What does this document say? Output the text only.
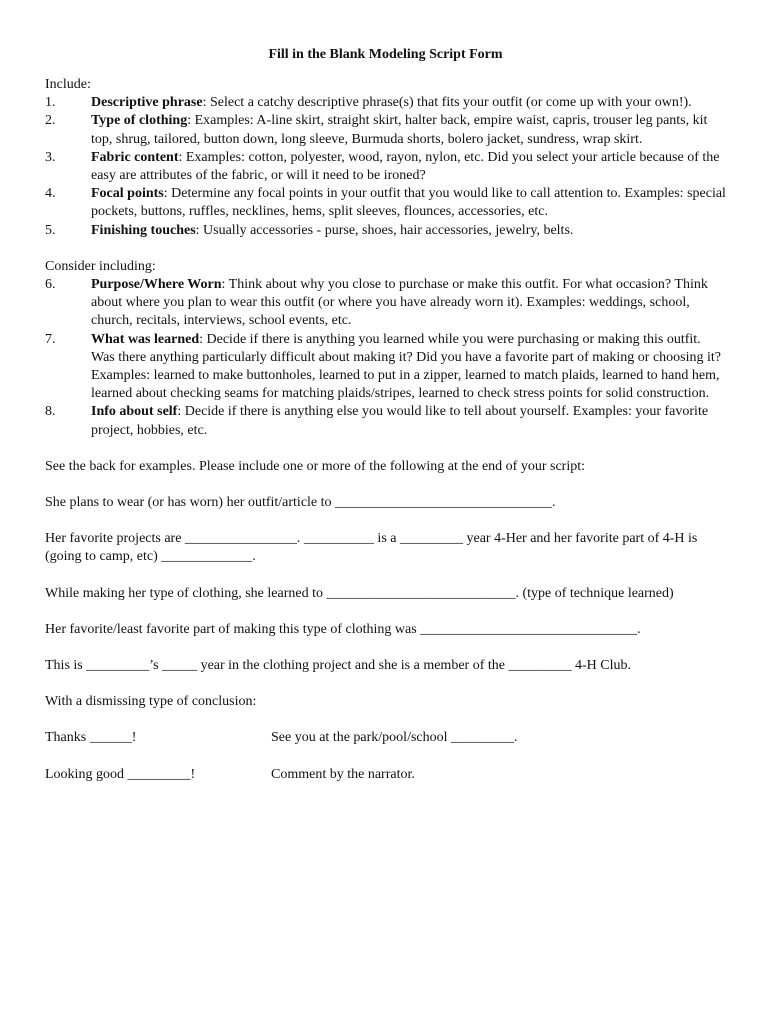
Fill in the Blank Modeling Script Form

Include:

1.	Descriptive phrase: Select a catchy descriptive phrase(s) that fits your outfit (or come up with your own!).
2.	Type of clothing: Examples: A-line skirt, straight skirt, halter back, empire waist, capris, trouser leg pants, kit top, shrug, tailored, button down, long sleeve, Burmuda shorts, bolero jacket, sundress, wrap skirt.
3.	Fabric content: Examples: cotton, polyester, wood, rayon, nylon, etc. Did you select your article because of the easy are attributes of the fabric, or will it need to be ironed?
4.	Focal points: Determine any focal points in your outfit that you would like to call attention to. Examples: special pockets, buttons, ruffles, necklines, hems, split sleeves, flounces, accessories, etc.
5.	Finishing touches: Usually accessories - purse, shoes, hair accessories, jewelry, belts.

Consider including:

6.	Purpose/Where Worn: Think about why you close to purchase or make this outfit. For what occasion? Think about where you plan to wear this outfit (or where you have already worn it). Examples: weddings, school, church, recitals, interviews, school events, etc.
7.	What was learned: Decide if there is anything you learned while you were purchasing or making this outfit. Was there anything particularly difficult about making it? Did you have a favorite part of making or choosing it? Examples: learned to make buttonholes, learned to put in a zipper, learned to match plaids, learned to hand hem, learned about checking seams for matching plaids/stripes, learned to check stress points for solid construction.
8.	Info about self: Decide if there is anything else you would like to tell about yourself. Examples: your favorite project, hobbies, etc.

See the back for examples. Please include one or more of the following at the end of your script:

She plans to wear (or has worn) her outfit/article to _______________________________.

Her favorite projects are ________________. __________ is a _________ year 4-Her and her favorite part of 4-H is (going to camp, etc) _____________.

While making her type of clothing, she learned to ___________________________. (type of technique learned)

Her favorite/least favorite part of making this type of clothing was _______________________________.

This is _________’s _____ year in the clothing project and she is a member of the _________ 4-H Club.

With a dismissing type of conclusion:

Thanks ______!	See you at the park/pool/school _________.
Looking good _________!	Comment by the narrator.
